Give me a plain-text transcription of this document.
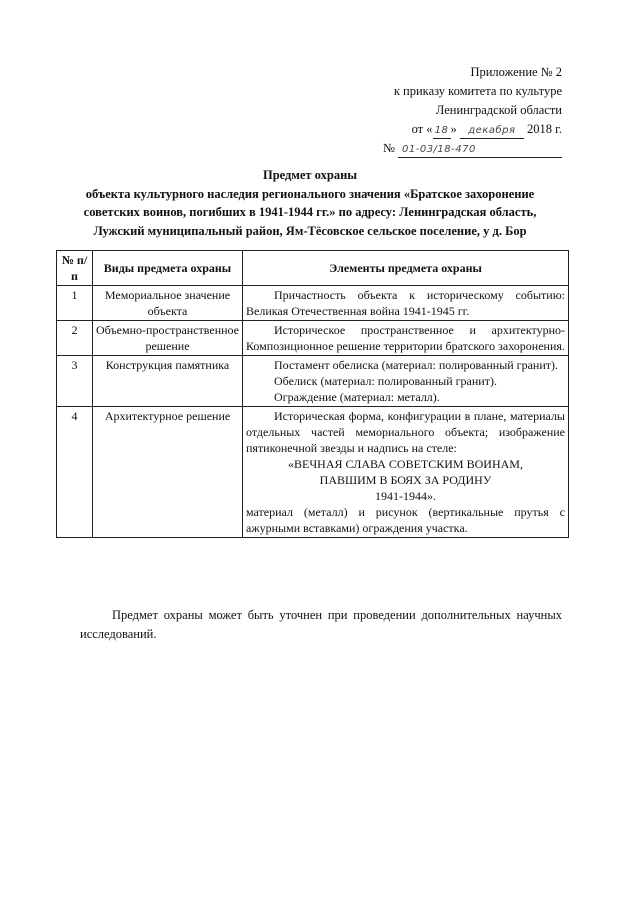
Приложение № 2
к приказу комитета по культуре
Ленинградской области
от « 18 » декабря 2018 г.
№ 01-03/18-470
Предмет охраны
объекта культурного наследия регионального значения «Братское захоронение
советских воинов, погибших в 1941-1944 гг.» по адресу: Ленинградская область,
Лужский муниципальный район, Ям-Тёсовское сельское поселение, у д. Бор
№ п/п	Виды предмета охраны	Элементы предмета охраны
1	Мемориальное значение объекта	Причастность объекта к историческому событию: Великая Отечественная война 1941-1945 гг.

2	Объемно-пространственное решение	Историческое пространственное и архитектурно-Композиционное решение территории братского захоронения.

3	Конструкция памятника	Постамент обелиска (материал: полированный гранит).
Обелиск (материал: полированный гранит).
Ограждение (материал: металл).

4	Архитектурное решение	Историческая форма, конфигурации в плане, материалы отдельных частей мемориального объекта; изображение пятиконечной звезды и надпись на стеле:
«ВЕЧНАЯ СЛАВА СОВЕТСКИМ ВОИНАМ,
ПАВШИМ В БОЯХ ЗА РОДИНУ
1941-1944».
материал (металл) и рисунок (вертикальные прутья с ажурными вставками) ограждения участка.
Предмет охраны может быть уточнен при проведении дополнительных научных исследований.
